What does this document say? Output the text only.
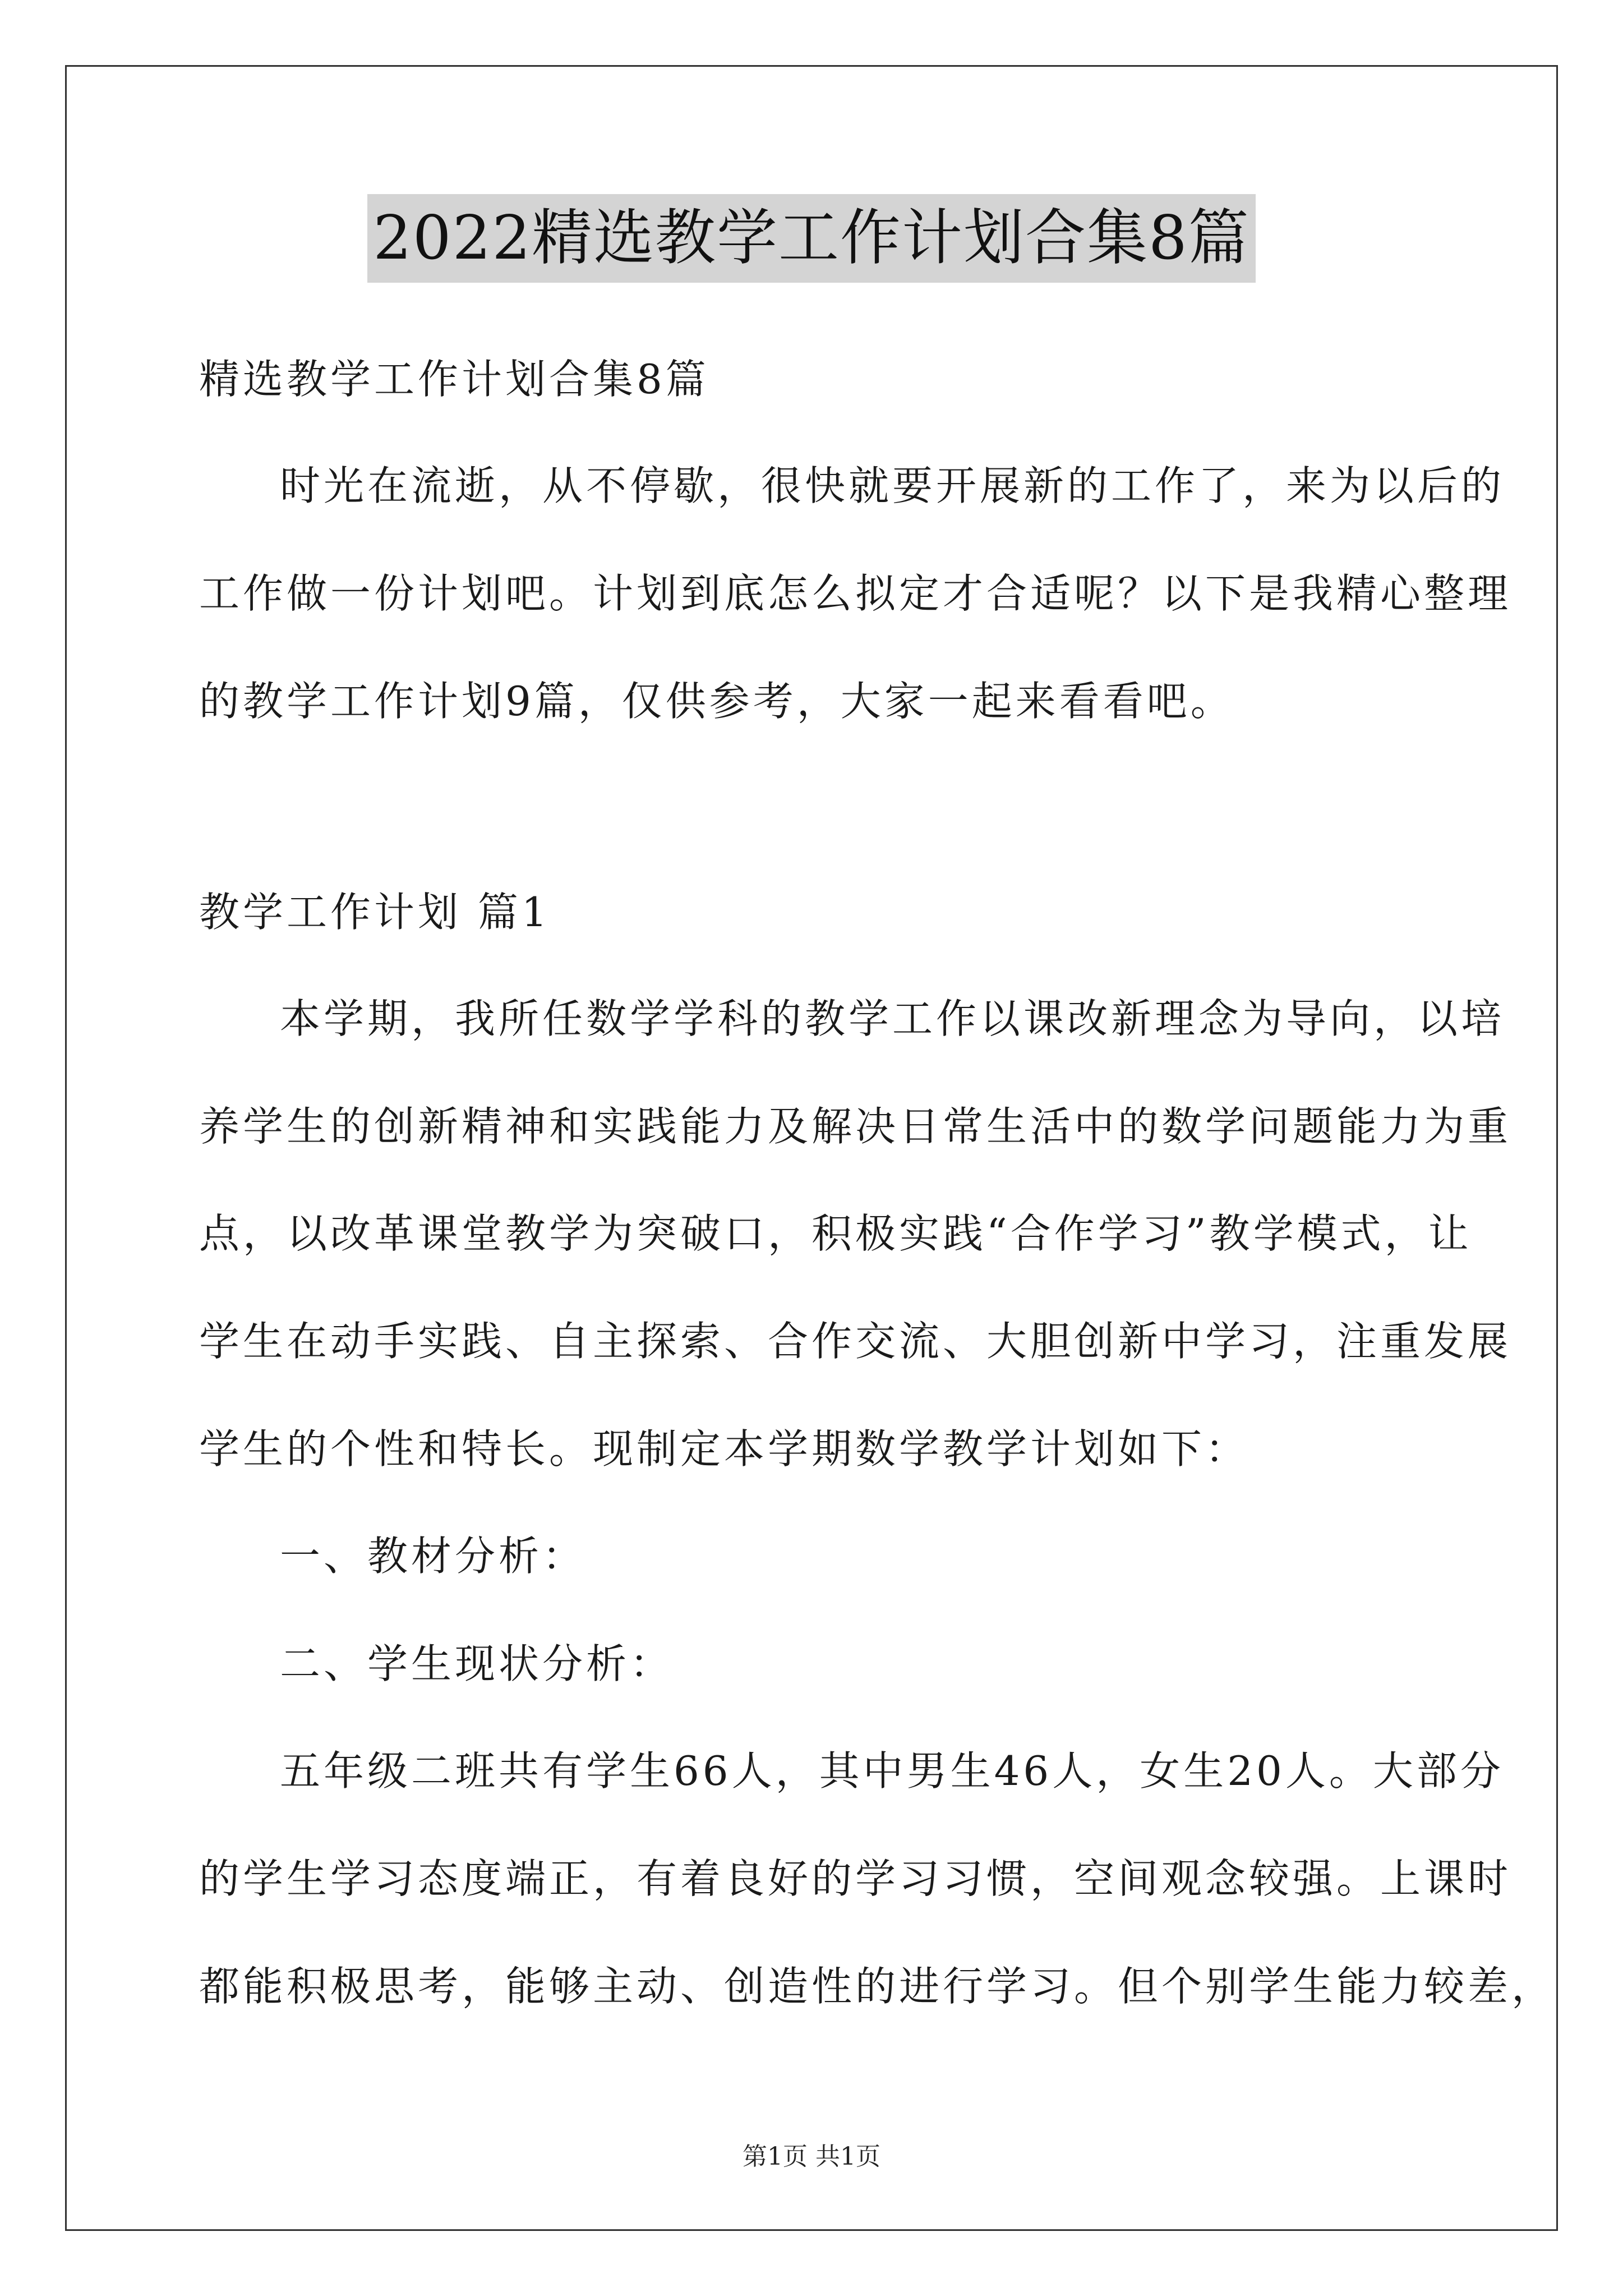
2022精选教学工作计划合集8篇
精选教学工作计划合集8篇
时光在流逝，从不停歇，很快就要开展新的工作了，来为以后的
工作做一份计划吧。计划到底怎么拟定才合适呢？以下是我精心整理
的教学工作计划9篇，仅供参考，大家一起来看看吧。
教学工作计划 篇1
本学期，我所任数学学科的教学工作以课改新理念为导向，以培
养学生的创新精神和实践能力及解决日常生活中的数学问题能力为重
点，以改革课堂教学为突破口，积极实践“合作学习”教学模式，让
学生在动手实践、自主探索、合作交流、大胆创新中学习，注重发展
学生的个性和特长。现制定本学期数学教学计划如下：
一、教材分析：
二、学生现状分析：
五年级二班共有学生66人，其中男生46人，女生20人。大部分
的学生学习态度端正，有着良好的学习习惯，空间观念较强。上课时
都能积极思考，能够主动、创造性的进行学习。但个别学生能力较差，
第1页 共1页
